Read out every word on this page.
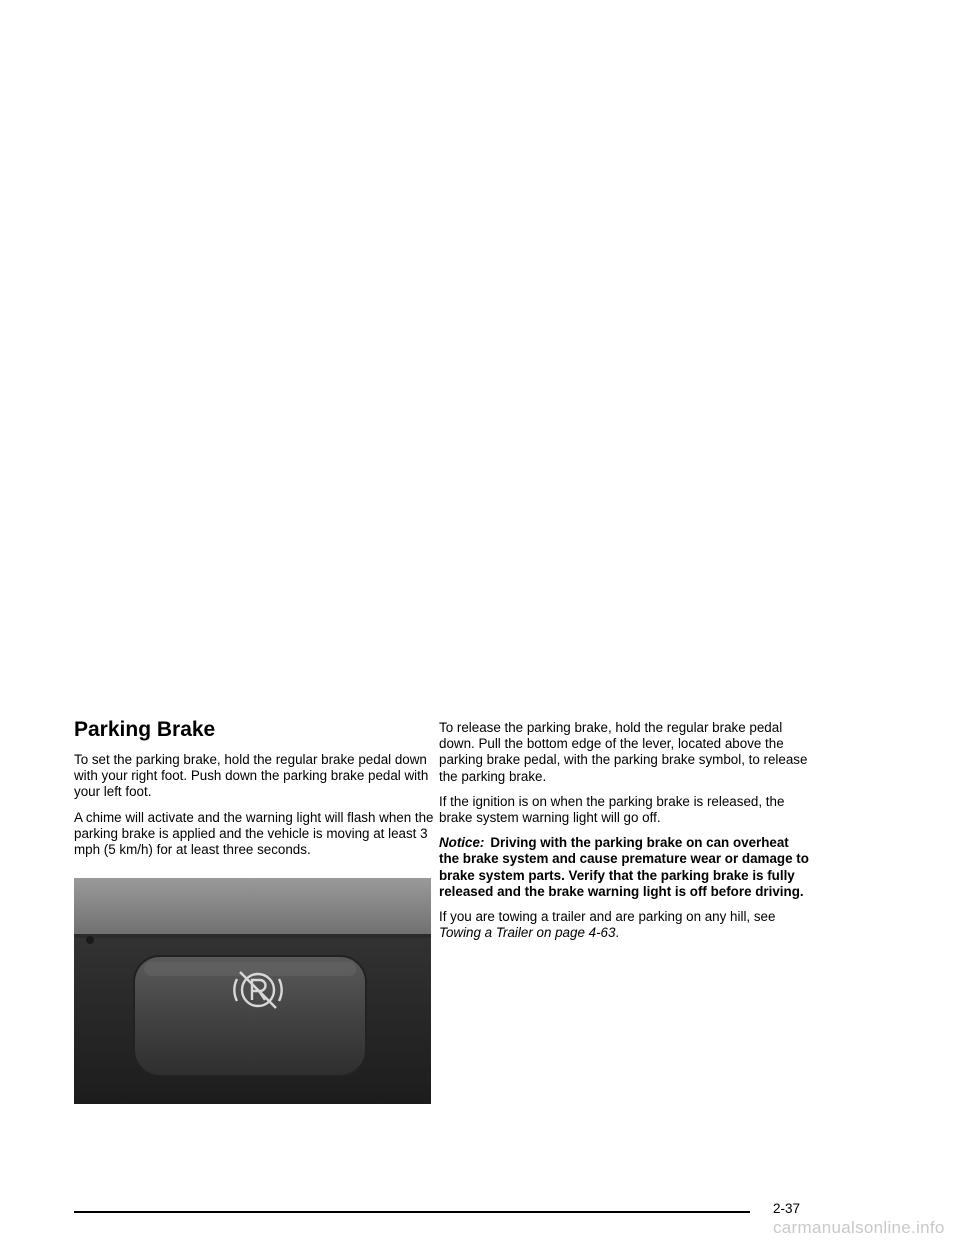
Parking Brake

To set the parking brake, hold the regular brake pedal down with your right foot. Push down the parking brake pedal with your left foot.

A chime will activate and the warning light will flash when the parking brake is applied and the vehicle is moving at least 3 mph (5 km/h) for at least three seconds.

To release the parking brake, hold the regular brake pedal down. Pull the bottom edge of the lever, located above the parking brake pedal, with the parking brake symbol, to release the parking brake.

If the ignition is on when the parking brake is released, the brake system warning light will go off.

Notice: Driving with the parking brake on can overheat the brake system and cause premature wear or damage to brake system parts. Verify that the parking brake is fully released and the brake warning light is off before driving.

If you are towing a trailer and are parking on any hill, see Towing a Trailer on page 4-63.

2-37
carmanualsonline.info
